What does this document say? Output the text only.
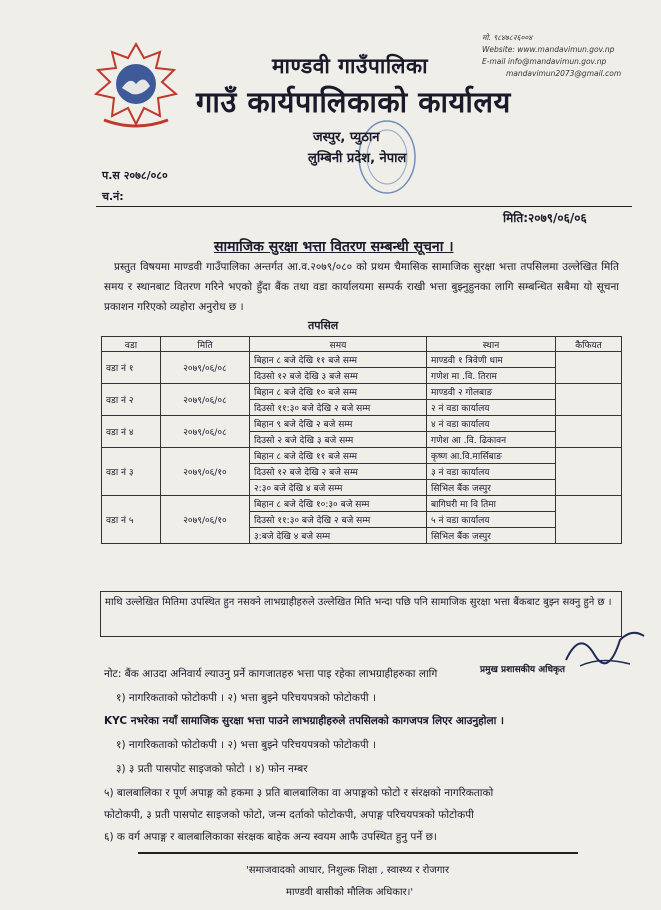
मो. ९८४७८२६००४
Website: www.mandavimun.gov.np
E-mail info@mandavimun.gov.np
mandavimun2073@gmail.com
माण्डवी गाउँपालिका
गाउँ कार्यपालिकाको कार्यालय
जस्पुर, प्युठान
लुम्बिनी प्रदेश, नेपाल
प.स २०७८/०८०
च.नं:
मिति:२०७९/०६/०६
सामाजिक सुरक्षा भत्ता वितरण सम्बन्धी सूचना ।
प्रस्तुत विषयमा माण्डवी गाउँपालिका अन्तर्गत आ.व.२०७९/०८० को प्रथम चैमासिक सामाजिक सुरक्षा भत्ता तपसिलमा उल्लेखित मिति समय र स्थानबाट वितरण गरिने भएको हुँदा बैंक तथा वडा कार्यालयमा सम्पर्क राखी भत्ता बुझ्नुहुनका लागि सम्बन्धित सबैमा यो सूचना प्रकाशन गरिएको व्यहोरा अनुरोध छ ।
तपसिल
वडा	मिति	समय	स्थान	कैफियत
वडा नं १	२०७९/०६/०८	बिहान ८ बजे देखि ११ बजे सम्म	माण्डवी १ त्रिवेणी धाम	
		दिउसो १२ बजे देखि ३ बजे सम्म	गणेश मा .वि. तिराम	
वडा नं २	२०७९/०६/०८	बिहान ८ बजे देखि १० बजे सम्म	माण्डवी २ गोलबाङ	
		दिउसो ११:३० बजे देखि २ बजे सम्म	२ नं वडा कार्यालय	
वडा नं ४	२०७९/०६/०८	बिहान ९ बजे देखि २ बजे सम्म	४ नं वडा कार्यालय	
		दिउसो २ बजे देखि ३ बजे सम्म	गणेश आ .वि. ढिकावन	
वडा नं ३	२०७९/०६/१०	बिहान ८ बजे देखि ११ बजे सम्म	कृष्ण आ.वि.मार्सिबाङ	
		दिउसो १२ बजे देखि २ बजे सम्म	३ नं वडा कार्यालय	
		२:३० बजे देखि ४ बजे सम्म	सिभिल बैंक जस्पुर	
वडा नं ५	२०७९/०६/१०	बिहान ८ बजे देखि १०:३० बजे सम्म	बागिघरी मा वि तिमा	
		दिउसो ११:३० बजे देखि २ बजे सम्म	५ नं वडा कार्यालय	
		३:बजे देखि ४ बजे सम्म	सिभिल बैंक जस्पुर	
माथि उल्लेखित मितिमा उपस्थित हुन नसक्ने लाभग्राहीहरुले उल्लेखित मिति भन्दा पछि पनि सामाजिक सुरक्षा भत्ता बैंकबाट बुझ्न सक्नु हुने छ ।
नोट: बैंक आउदा अनिवार्य ल्याउनु प्रर्ने कागजातहरु भत्ता पाइ रहेका लाभग्राहीहरुका लागि	प्रमुख प्रशासकीय अधिकृत
१) नागरिकताको फोटोकपी । २) भत्ता बुझ्ने परिचयपत्रको फोटोकपी ।
KYC नभरेका नयाँ सामाजिक सुरक्षा भत्ता पाउने लाभग्राहीहरुले तपसिलको कागजपत्र लिएर आउनुहोला ।
१) नागरिकताको फोटोकपी । २) भत्ता बुझ्ने परिचयपत्रको फोटोकपी ।
३) ३ प्रती पासपोट साइजको फोटो । ४) फोन नम्बर
५) बालबालिका र पूर्ण अपाङ्ग को हकमा ३ प्रति बालबालिका वा अपाङ्गको फोटो र संरक्षको नागरिकताको
फोटोकपी, ३ प्रती पासपोट साइजको फोटो, जन्म दर्ताको फोटोकपी, अपाङ्ग परिचयपत्रको फोटोकपी
६) क वर्ग अपाङ्ग र बालबालिकाका संरक्षक बाहेक अन्य स्वयम आफै उपस्थित हुनु पर्ने छ।
'समाजवादको आधार, निशुल्क शिक्षा , स्वास्थ्य र रोजगार
माण्डवी बासीको मौलिक अधिकार।'
